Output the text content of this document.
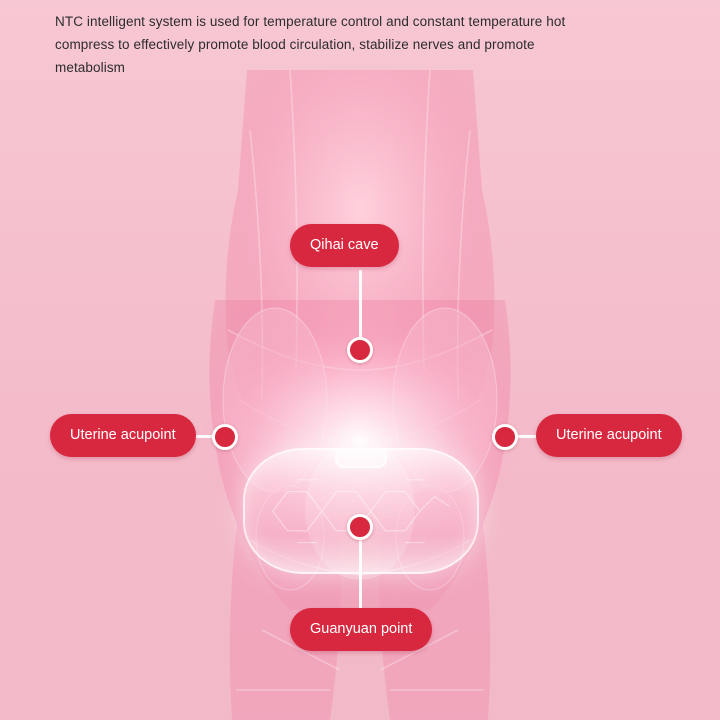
NTC intelligent system is used for temperature control and constant temperature hot compress to effectively promote blood circulation, stabilize nerves and promote metabolism
Qihai cave
Uterine acupoint	Uterine acupoint
Guanyuan point
